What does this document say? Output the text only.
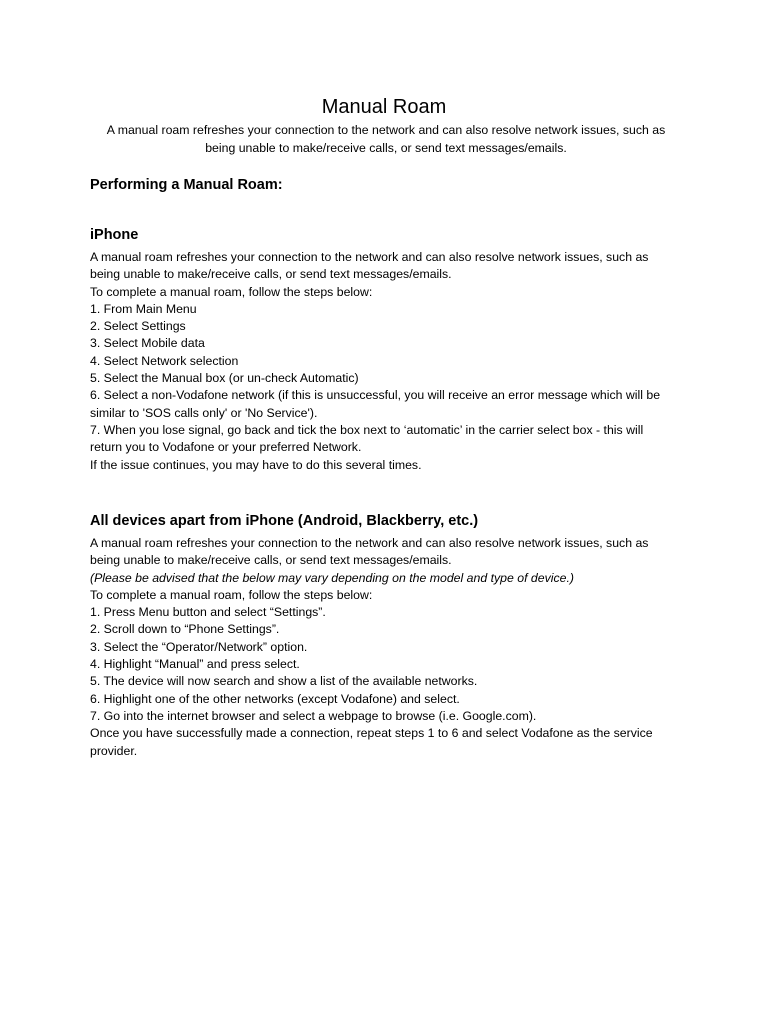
Manual Roam
A manual roam refreshes your connection to the network and can also resolve network issues, such as
being unable to make/receive calls, or send text messages/emails.
Performing a Manual Roam:
iPhone
A manual roam refreshes your connection to the network and can also resolve network issues, such as
being unable to make/receive calls, or send text messages/emails.
To complete a manual roam, follow the steps below:
1. From Main Menu
2. Select Settings
3. Select Mobile data
4. Select Network selection
5. Select the Manual box (or un-check Automatic)
6. Select a non-Vodafone network (if this is unsuccessful, you will receive an error message which will be
similar to 'SOS calls only' or 'No Service').
7. When you lose signal, go back and tick the box next to ‘automatic’ in the carrier select box - this will
return you to Vodafone or your preferred Network.
If the issue continues, you may have to do this several times.
All devices apart from iPhone (Android, Blackberry, etc.)
A manual roam refreshes your connection to the network and can also resolve network issues, such as
being unable to make/receive calls, or send text messages/emails.
(Please be advised that the below may vary depending on the model and type of device.)
To complete a manual roam, follow the steps below:
1. Press Menu button and select “Settings”.
2. Scroll down to “Phone Settings”.
3. Select the “Operator/Network” option.
4. Highlight “Manual” and press select.
5. The device will now search and show a list of the available networks.
6. Highlight one of the other networks (except Vodafone) and select.
7. Go into the internet browser and select a webpage to browse (i.e. Google.com).
Once you have successfully made a connection, repeat steps 1 to 6 and select Vodafone as the service
provider.
